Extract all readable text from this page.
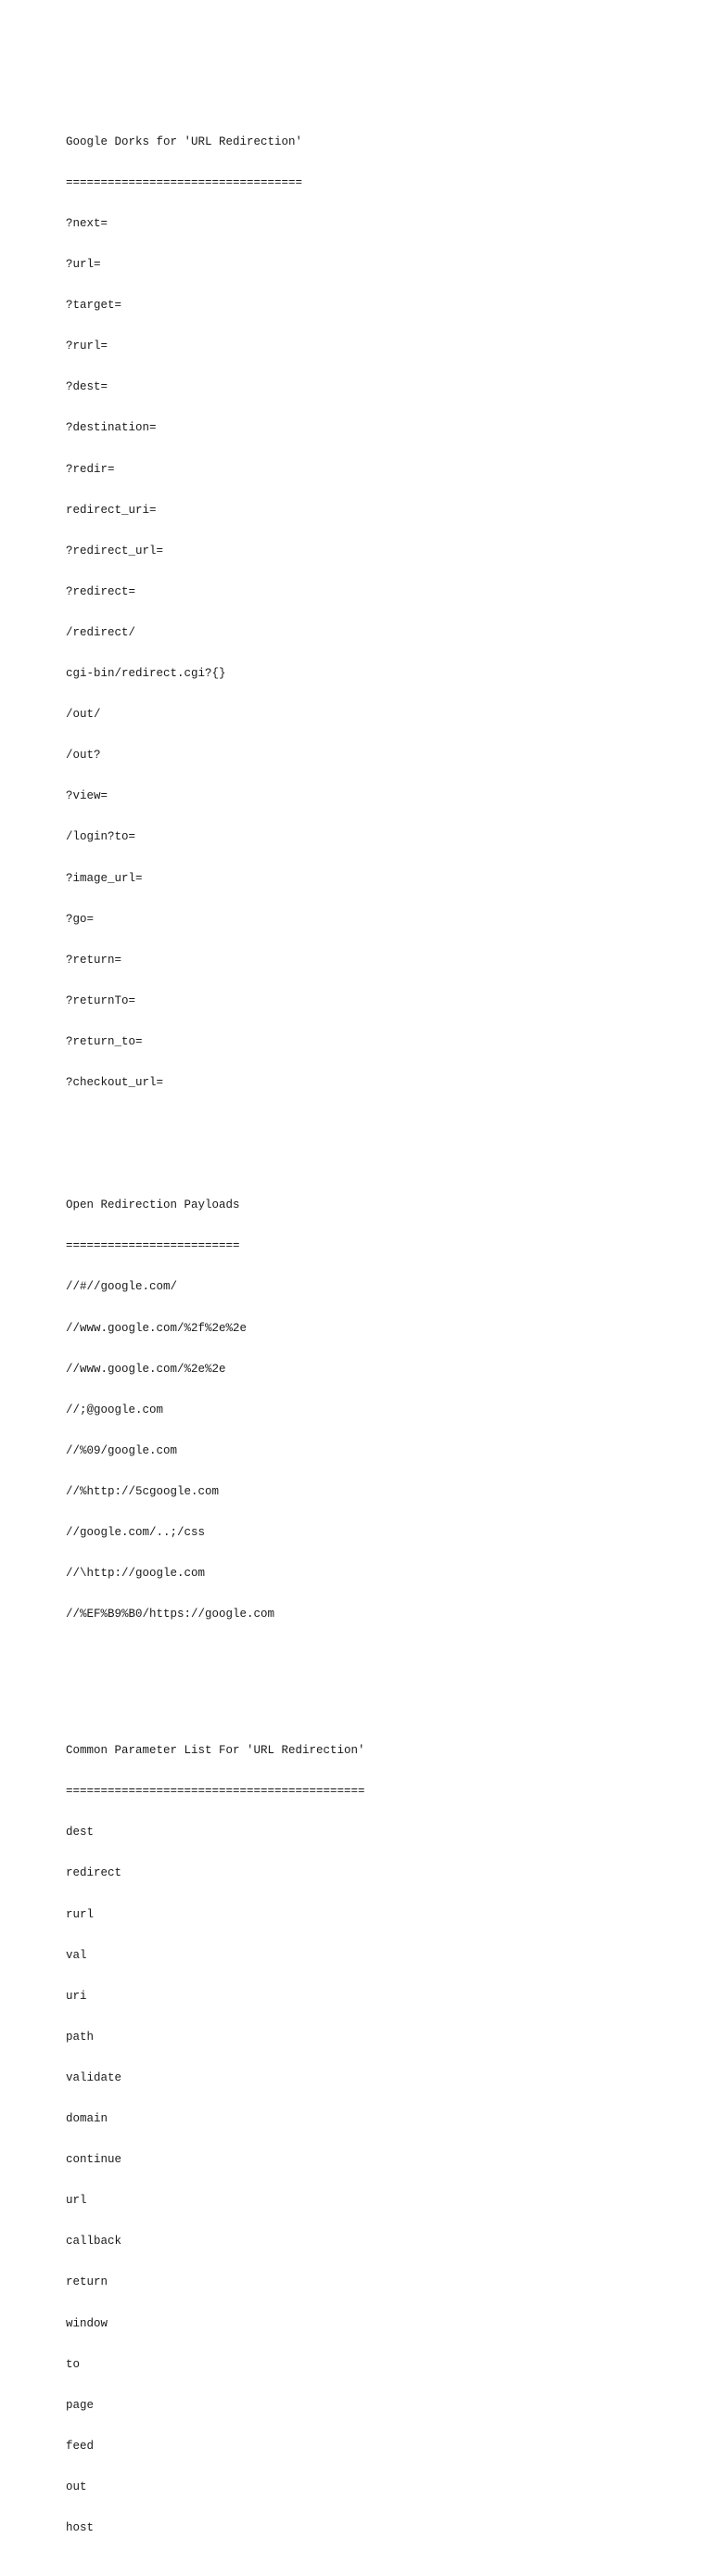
Google Dorks for 'URL Redirection'

==================================

?next=

?url=

?target=

?rurl=

?dest=

?destination=

?redir=

redirect_uri=

?redirect_url=

?redirect=

/redirect/

cgi-bin/redirect.cgi?{}

/out/

/out?

?view=

/login?to=

?image_url=

?go=

?return=

?returnTo=

?return_to=

?checkout_url=

Open Redirection Payloads

=========================

//#//google.com/

//www.google.com/%2f%2e%2e

//www.google.com/%2e%2e

//;@google.com

//%09/google.com

//%http://5cgoogle.com

//google.com/..;/css

//\http://google.com

//%EF%B9%B0/https://google.com

Common Parameter List For 'URL Redirection'

===========================================

dest

redirect

rurl

val

uri

path

validate

domain

continue

url

callback

return

window

to

page

feed

out

host
